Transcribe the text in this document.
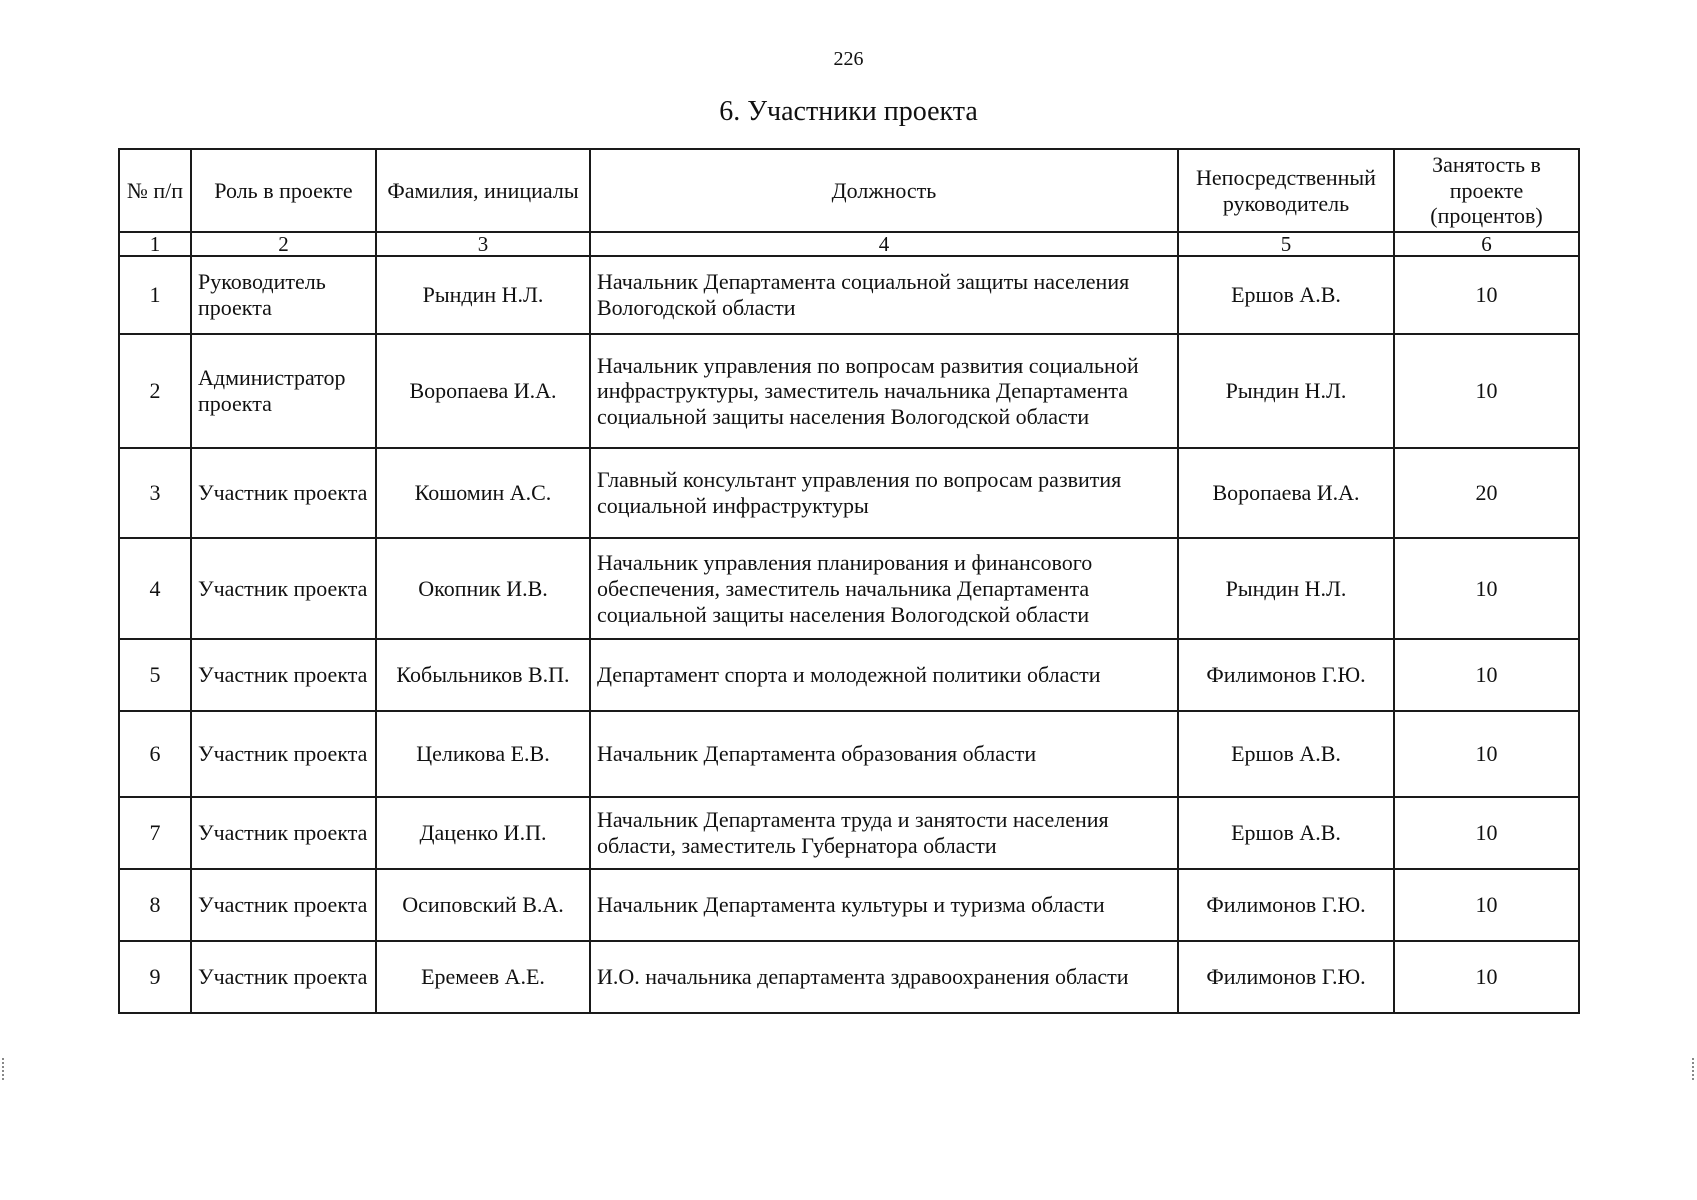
226
6. Участники проекта
№ п/п	Роль в проекте	Фамилия, инициалы	Должность	Непосредственный руководитель	Занятость в проекте (процентов)
1	2	3	4	5	6
1	Руководитель проекта	Рындин Н.Л.	Начальник Департамента социальной защиты населения Вологодской области	Ершов А.В.	10
2	Администратор проекта	Воропаева И.А.	Начальник управления по вопросам развития социальной инфраструктуры, заместитель начальника Департамента социальной защиты населения Вологодской области	Рындин Н.Л.	10
3	Участник проекта	Кошомин А.С.	Главный консультант управления по вопросам развития социальной инфраструктуры	Воропаева И.А.	20
4	Участник проекта	Окопник И.В.	Начальник управления планирования и финансового обеспечения, заместитель начальника Департамента социальной защиты населения Вологодской области	Рындин Н.Л.	10
5	Участник проекта	Кобыльников В.П.	Департамент спорта и молодежной политики области	Филимонов Г.Ю.	10
6	Участник проекта	Целикова Е.В.	Начальник Департамента образования области	Ершов А.В.	10
7	Участник проекта	Даценко И.П.	Начальник Департамента труда и занятости населения области, заместитель Губернатора области	Ершов А.В.	10
8	Участник проекта	Осиповский В.А.	Начальник Департамента культуры и туризма области	Филимонов Г.Ю.	10
9	Участник проекта	Еремеев А.Е.	И.О. начальника департамента здравоохранения области	Филимонов Г.Ю.	10
